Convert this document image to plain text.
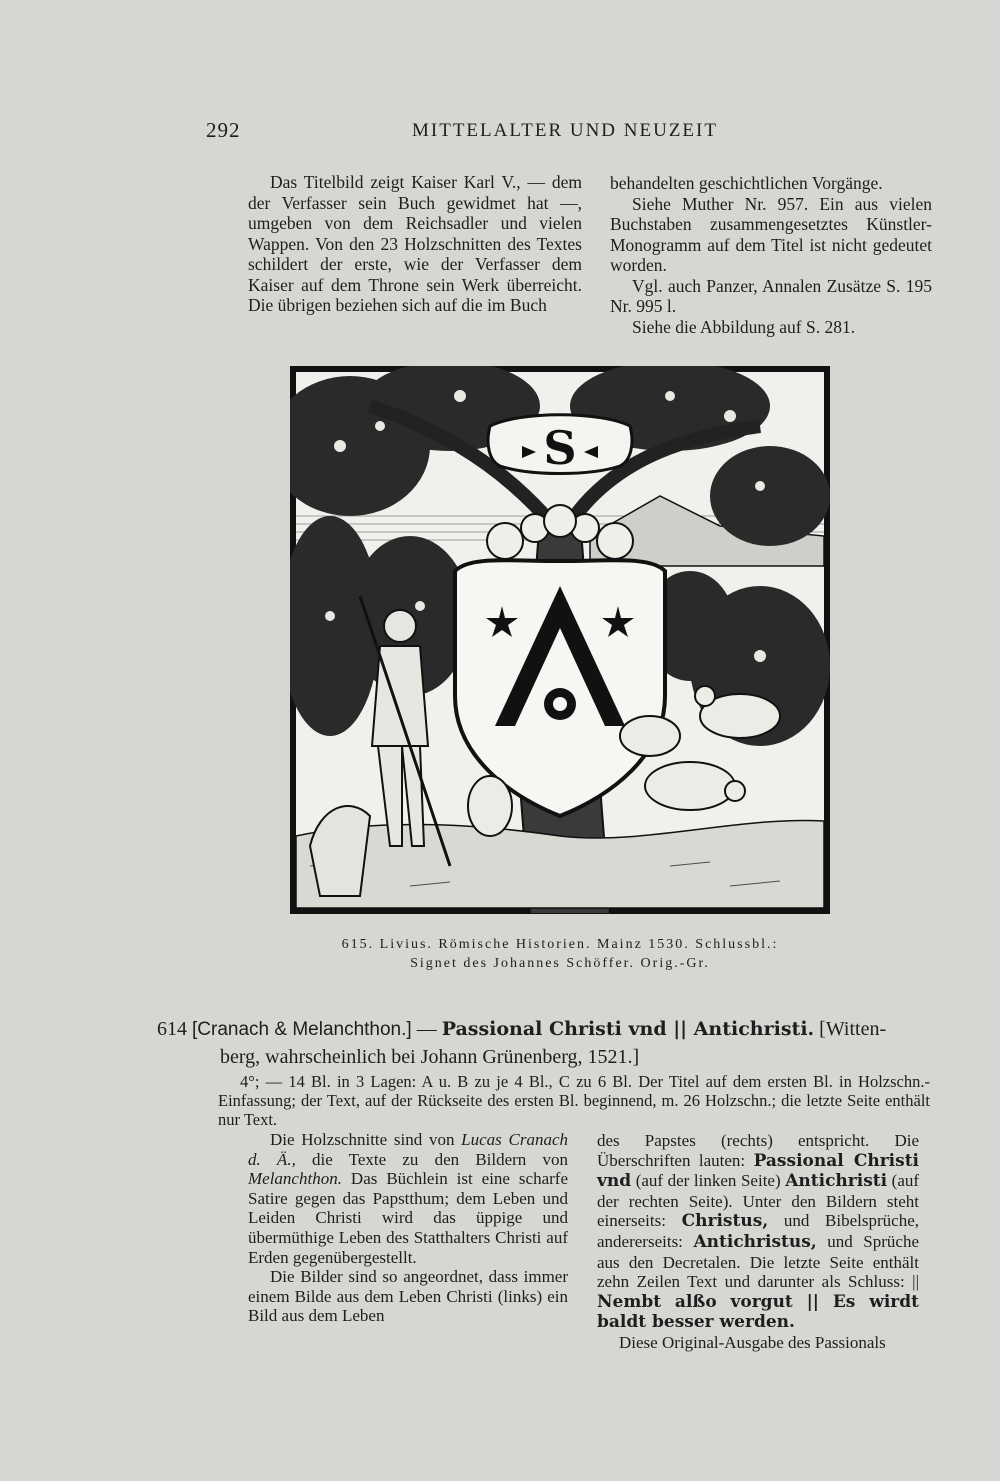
292	MITTELALTER UND NEUZEIT

Das Titelbild zeigt Kaiser Karl V., — dem der Verfasser sein Buch gewidmet hat —, umgeben von dem Reichsadler und vielen Wappen. Von den 23 Holzschnitten des Textes schildert der erste, wie der Verfasser dem Kaiser auf dem Throne sein Werk überreicht. Die übrigen beziehen sich auf die im Buch

behandelten geschichtlichen Vorgänge.

Siehe Muther Nr. 957. Ein aus vielen Buchstaben zusammengesetztes Künstler-Monogramm auf dem Titel ist nicht gedeutet worden.

Vgl. auch Panzer, Annalen Zusätze S. 195 Nr. 995 l.

Siehe die Abbildung auf S. 281.

S
615. Livius. Römische Historien. Mainz 1530. Schlussbl.:
Signet des Johannes Schöffer. Orig.-Gr.
614 [Cranach & Melanchthon.] — Passional Christi vnd || Antichristi. [Witten-
berg, wahrscheinlich bei Johann Grünenberg, 1521.]

4°; — 14 Bl. in 3 Lagen: A u. B zu je 4 Bl., C zu 6 Bl. Der Titel auf dem ersten Bl. in Holzschn.-Einfassung; der Text, auf der Rückseite des ersten Bl. beginnend, m. 26 Holzschn.; die letzte Seite enthält nur Text.

Die Holzschnitte sind von Lucas Cranach d. Ä., die Texte zu den Bildern von Melanchthon. Das Büchlein ist eine scharfe Satire gegen das Papstthum; dem Leben und Leiden Christi wird das üppige und übermüthige Leben des Statthalters Christi auf Erden gegenübergestellt.

Die Bilder sind so angeordnet, dass immer einem Bilde aus dem Leben Christi (links) ein Bild aus dem Leben

des Papstes (rechts) entspricht. Die Überschriften lauten: Passional Christi vnd (auf der linken Seite) Antichristi (auf der rechten Seite). Unter den Bildern steht einerseits: Christus, und Bibelsprüche, andererseits: Antichristus, und Sprüche aus den Decretalen. Die letzte Seite enthält zehn Zeilen Text und darunter als Schluss: || Nembt alßo vorgut || Es wirdt baldt besser werden.

Diese Original-Ausgabe des Passionals
